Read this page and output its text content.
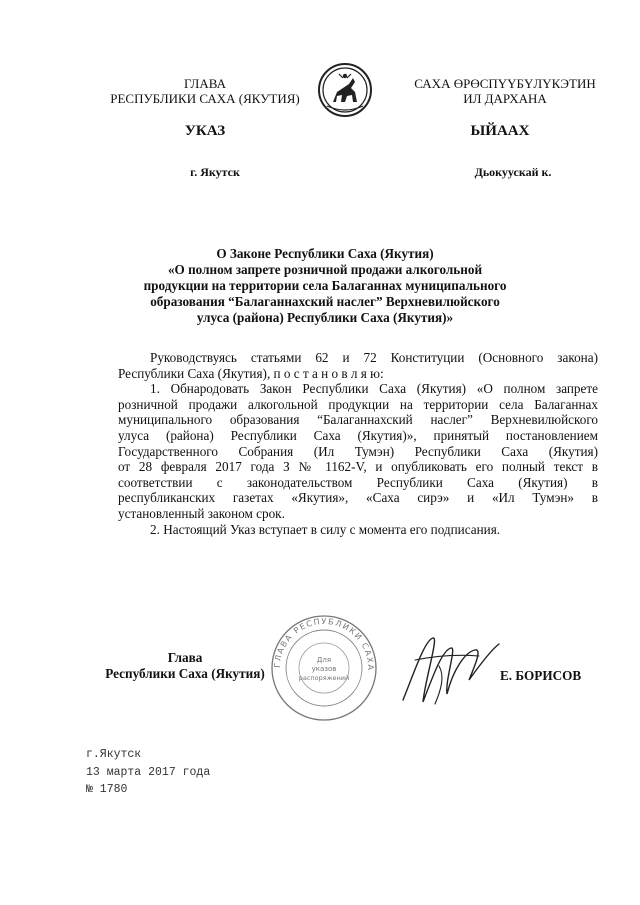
ГЛАВА
РЕСПУБЛИКИ САХА (ЯКУТИЯ)
САХА ӨРӨСПҮҮБҮЛҮКЭТИН
ИЛ ДАРХАНА
УКАЗ	ЫЙААХ
г. Якутск	Дьокуускай к.
О Законе Республики Саха (Якутия)
«О полном запрете розничной продажи алкогольной
продукции на территории села Балаганнах муниципального
образования “Балаганнахский наслег” Верхневилюйского
улуса (района) Республики Саха (Якутия)»
Руководствуясь статьями 62 и 72 Конституции (Основного закона)
Республики Саха (Якутия), п о с т а н о в л я ю:
1. Обнародовать Закон Республики Саха (Якутия) «О полном запрете
розничной продажи алкогольной продукции на территории села Балаганнах
муниципального образования “Балаганнахский наслег” Верхневилюйского
улуса (района) Республики Саха (Якутия)», принятый постановлением
Государственного Собрания (Ил Тумэн) Республики Саха (Якутия)
от 28 февраля 2017 года З № 1162-V, и опубликовать его полный текст в
соответствии с законодательством Республики Саха (Якутия) в
республиканских газетах «Якутия», «Саха сирэ» и «Ил Тумэн» в
установленный законом срок.
2. Настоящий Указ вступает в силу с момента его подписания.
ГЛАВА РЕСПУБЛИКИ САХА
Для
указов
распоряжений
Глава
Республики Саха (Якутия)	Е. БОРИСОВ
г.Якутск
13 марта 2017 года
№ 1780
